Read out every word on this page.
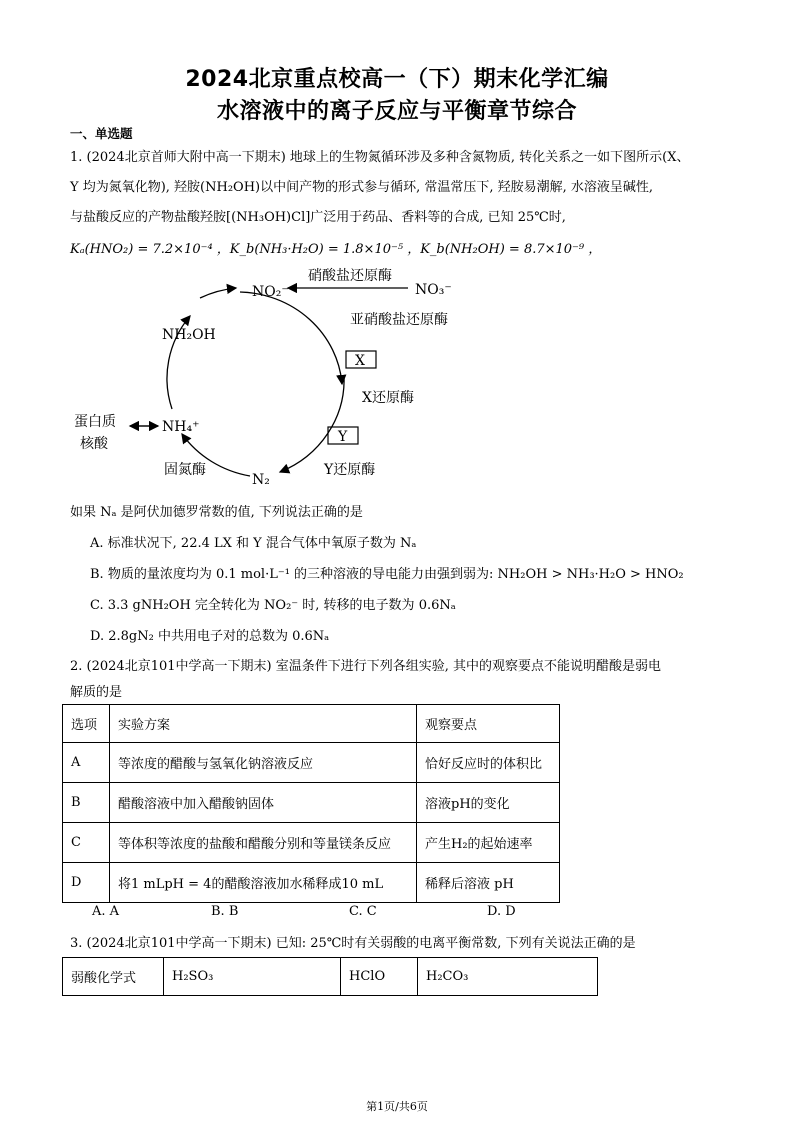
2024北京重点校高一（下）期末化学汇编
水溶液中的离子反应与平衡章节综合
一、单选题
1. (2024北京首师大附中高一下期末) 地球上的生物氮循环涉及多种含氮物质, 转化关系之一如下图所示(X、
Y 均为氮氧化物), 羟胺(NH₂OH)以中间产物的形式参与循环, 常温常压下, 羟胺易潮解, 水溶液呈碱性,
与盐酸反应的产物盐酸羟胺[(NH₃OH)Cl]广泛用于药品、香料等的合成, 已知 25℃时,
Kₐ(HNO₂) = 7.2×10⁻⁴ ，K_b(NH₃·H₂O) = 1.8×10⁻⁵ ，K_b(NH₂OH) = 8.7×10⁻⁹ ，
NO₂⁻	NO₃⁻
硝酸盐还原酶
亚硝酸盐还原酶
X
X还原酶
Y
Y还原酶
N₂
固氮酶
NH₄⁺
NH₂OH
蛋白质
核酸
如果 Nₐ 是阿伏加德罗常数的值, 下列说法正确的是
A. 标准状况下, 22.4 LX 和 Y 混合气体中氧原子数为 Nₐ
B. 物质的量浓度均为 0.1 mol·L⁻¹ 的三种溶液的导电能力由强到弱为: NH₂OH > NH₃·H₂O > HNO₂
C. 3.3 gNH₂OH 完全转化为 NO₂⁻ 时, 转移的电子数为 0.6Nₐ
D. 2.8gN₂ 中共用电子对的总数为 0.6Nₐ
2. (2024北京101中学高一下期末) 室温条件下进行下列各组实验, 其中的观察要点不能说明醋酸是弱电
解质的是
选项	实验方案	观察要点
A	等浓度的醋酸与氢氧化钠溶液反应	恰好反应时的体积比
B	醋酸溶液中加入醋酸钠固体	溶液pH的变化
C	等体积等浓度的盐酸和醋酸分别和等量镁条反应	产生H₂的起始速率
D	将1 mLpH = 4的醋酸溶液加水稀释成10 mL	稀释后溶液 pH
A. A	B. B	C. C	D. D
3. (2024北京101中学高一下期末) 已知: 25℃时有关弱酸的电离平衡常数, 下列有关说法正确的是
弱酸化学式	H₂SO₃	HClO	H₂CO₃
第1页/共6页
